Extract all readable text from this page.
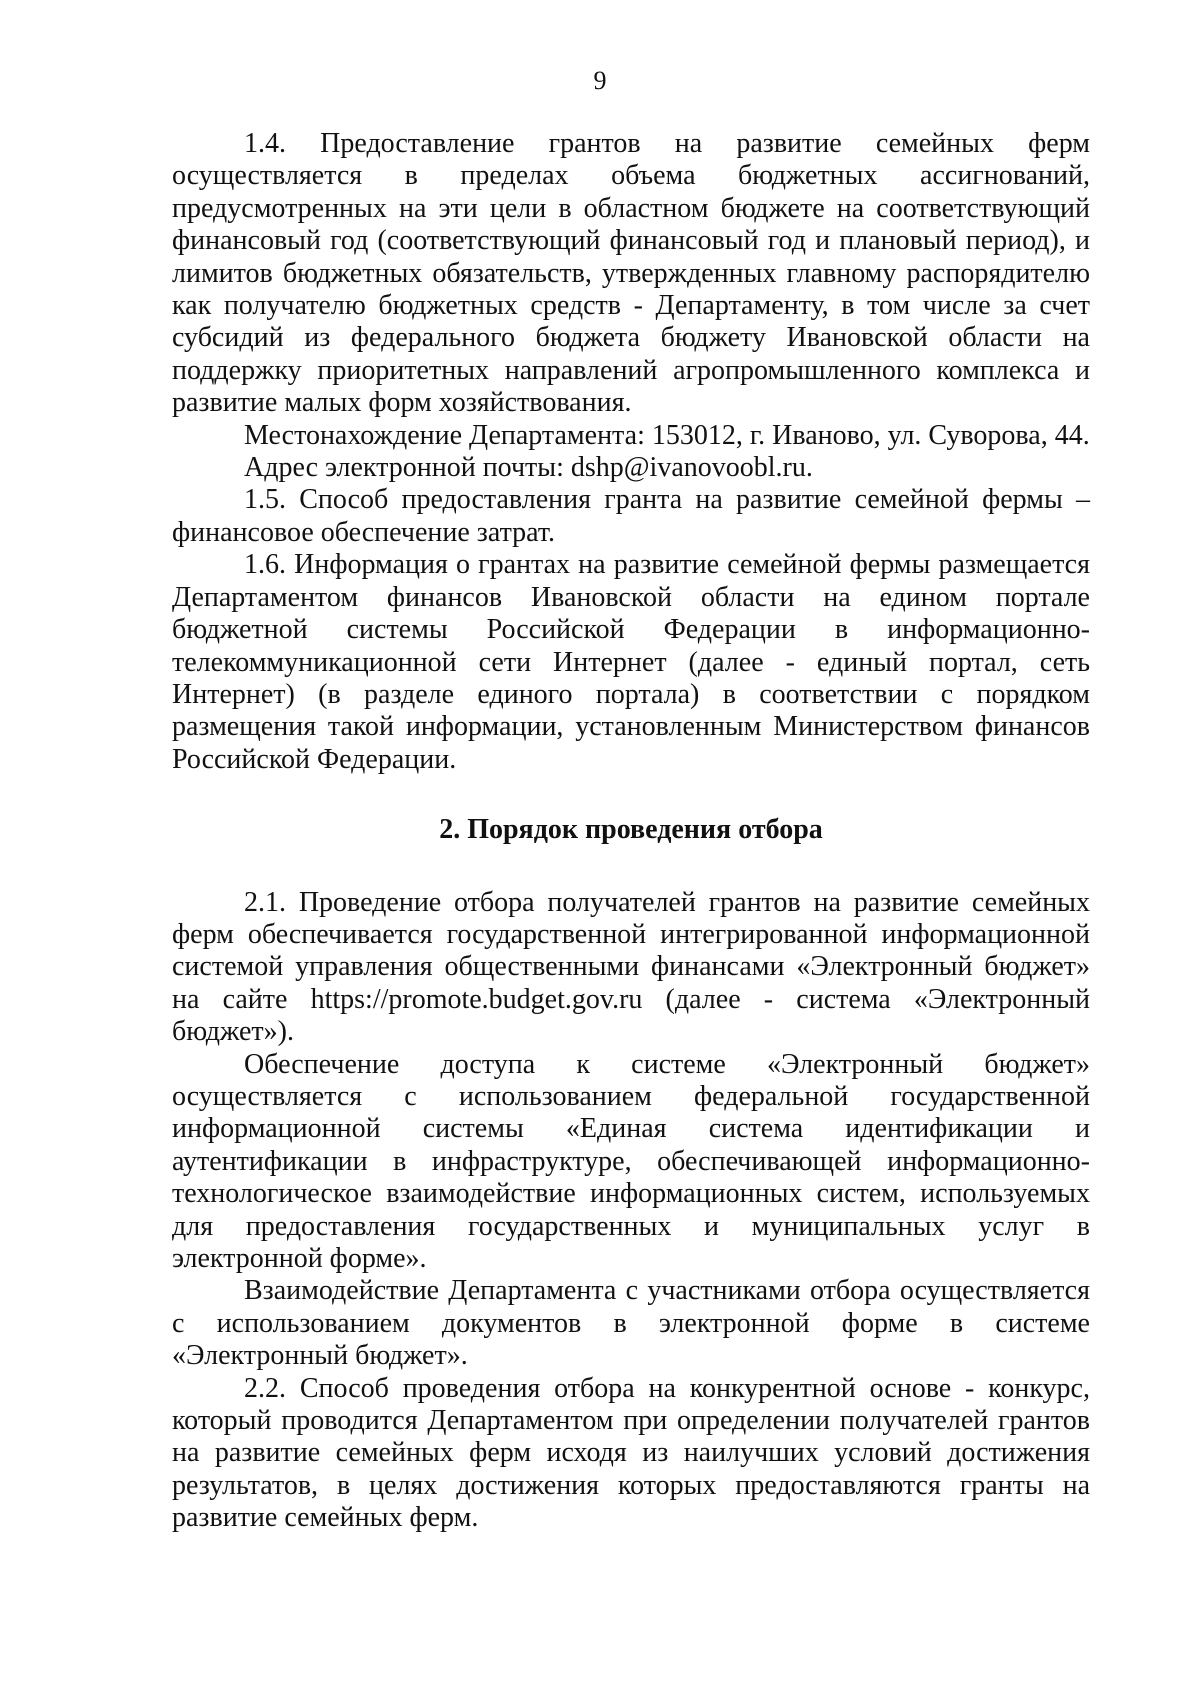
9

1.4. Предоставление грантов на развитие семейных ферм осуществляется в пределах объема бюджетных ассигнований, предусмотренных на эти цели в областном бюджете на соответствующий финансовый год (соответствующий финансовый год и плановый период), и лимитов бюджетных обязательств, утвержденных главному распорядителю как получателю бюджетных средств - Департаменту, в том числе за счет субсидий из федерального бюджета бюджету Ивановской области на поддержку приоритетных направлений агропромышленного комплекса и развитие малых форм хозяйствования.

Местонахождение Департамента: 153012, г. Иваново, ул. Суворова, 44.

Адрес электронной почты: dshp@ivanovoobl.ru.

1.5. Способ предоставления гранта на развитие семейной фермы – финансовое обеспечение затрат.

1.6. Информация о грантах на развитие семейной фермы размещается Департаментом финансов Ивановской области на едином портале бюджетной системы Российской Федерации в информационно-телекоммуникационной сети Интернет (далее - единый портал, сеть Интернет) (в разделе единого портала) в соответствии с порядком размещения такой информации, установленным Министерством финансов Российской Федерации.

2. Порядок проведения отбора

2.1. Проведение отбора получателей грантов на развитие семейных ферм обеспечивается государственной интегрированной информационной системой управления общественными финансами «Электронный бюджет» на сайте https://promote.budget.gov.ru (далее - система «Электронный бюджет»).

Обеспечение доступа к системе «Электронный бюджет» осуществляется с использованием федеральной государственной информационной системы «Единая система идентификации и аутентификации в инфраструктуре, обеспечивающей информационно-технологическое взаимодействие информационных систем, используемых для предоставления государственных и муниципальных услуг в электронной форме».

Взаимодействие Департамента с участниками отбора осуществляется с использованием документов в электронной форме в системе «Электронный бюджет».

2.2. Способ проведения отбора на конкурентной основе - конкурс, который проводится Департаментом при определении получателей грантов на развитие семейных ферм исходя из наилучших условий достижения результатов, в целях достижения которых предоставляются гранты на развитие семейных ферм.
